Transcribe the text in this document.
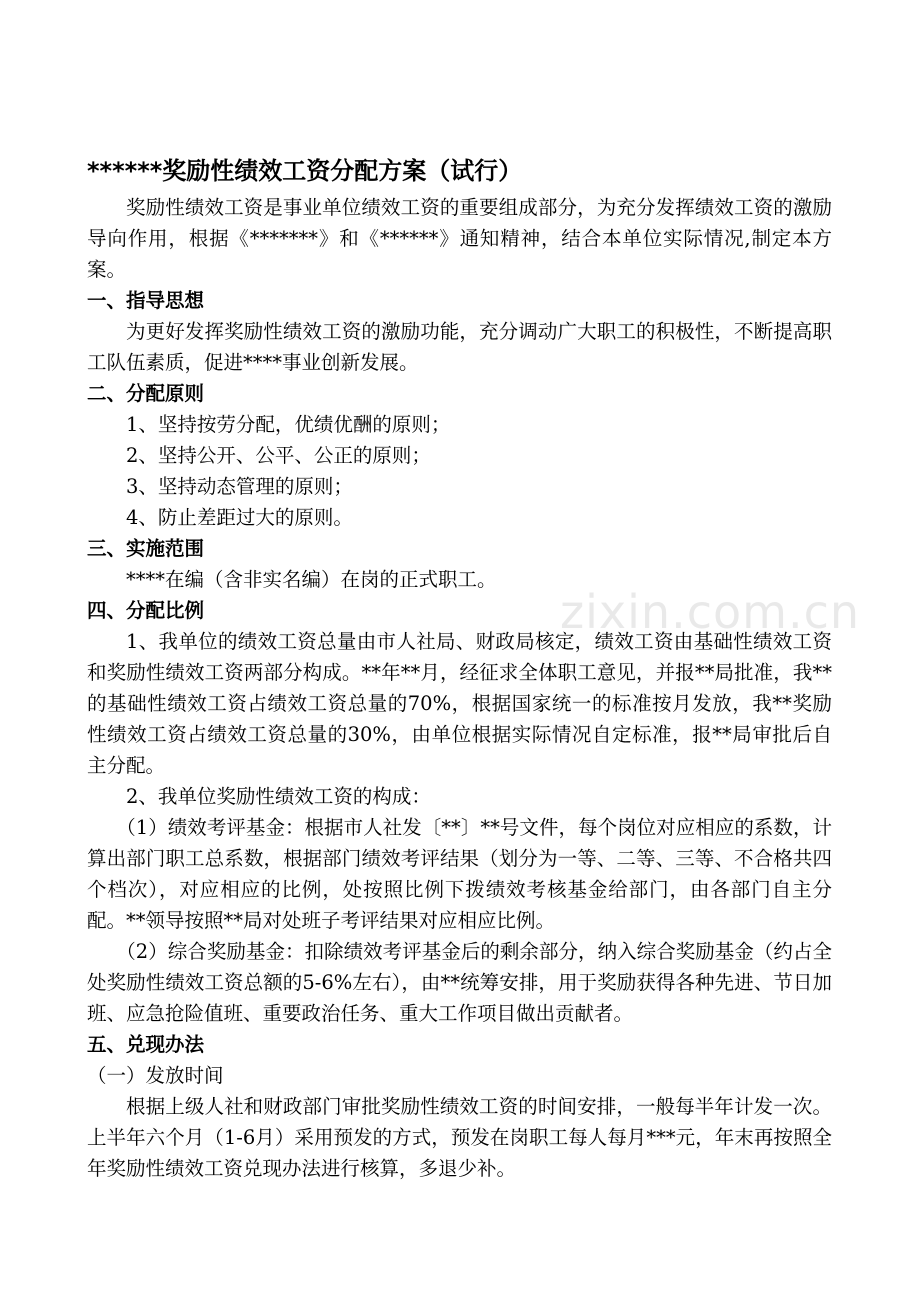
zixin.com.cn
******奖励性绩效工资分配方案（试行）

奖励性绩效工资是事业单位绩效工资的重要组成部分，为充分发挥绩效工资的激励导向作用，根据《*******》和《******》通知精神，结合本单位实际情况,制定本方案。

一、指导思想

为更好发挥奖励性绩效工资的激励功能，充分调动广大职工的积极性，不断提高职工队伍素质，促进****事业创新发展。

二、分配原则

1、坚持按劳分配，优绩优酬的原则；

2、坚持公开、公平、公正的原则；

3、坚持动态管理的原则；

4、防止差距过大的原则。

三、实施范围

****在编（含非实名编）在岗的正式职工。

四、分配比例

1、我单位的绩效工资总量由市人社局、财政局核定，绩效工资由基础性绩效工资和奖励性绩效工资两部分构成。**年**月，经征求全体职工意见，并报**局批准，我**的基础性绩效工资占绩效工资总量的70%，根据国家统一的标准按月发放，我**奖励性绩效工资占绩效工资总量的30%，由单位根据实际情况自定标准，报**局审批后自主分配。

2、我单位奖励性绩效工资的构成：

（1）绩效考评基金：根据市人社发〔**〕**号文件，每个岗位对应相应的系数，计算出部门职工总系数，根据部门绩效考评结果（划分为一等、二等、三等、不合格共四个档次），对应相应的比例，处按照比例下拨绩效考核基金给部门，由各部门自主分配。**领导按照**局对处班子考评结果对应相应比例。

（2）综合奖励基金：扣除绩效考评基金后的剩余部分，纳入综合奖励基金（约占全处奖励性绩效工资总额的5-6%左右），由**统筹安排，用于奖励获得各种先进、节日加班、应急抢险值班、重要政治任务、重大工作项目做出贡献者。

五、兑现办法

（一）发放时间

根据上级人社和财政部门审批奖励性绩效工资的时间安排，一般每半年计发一次。上半年六个月（1-6月）采用预发的方式，预发在岗职工每人每月***元，年末再按照全年奖励性绩效工资兑现办法进行核算，多退少补。
